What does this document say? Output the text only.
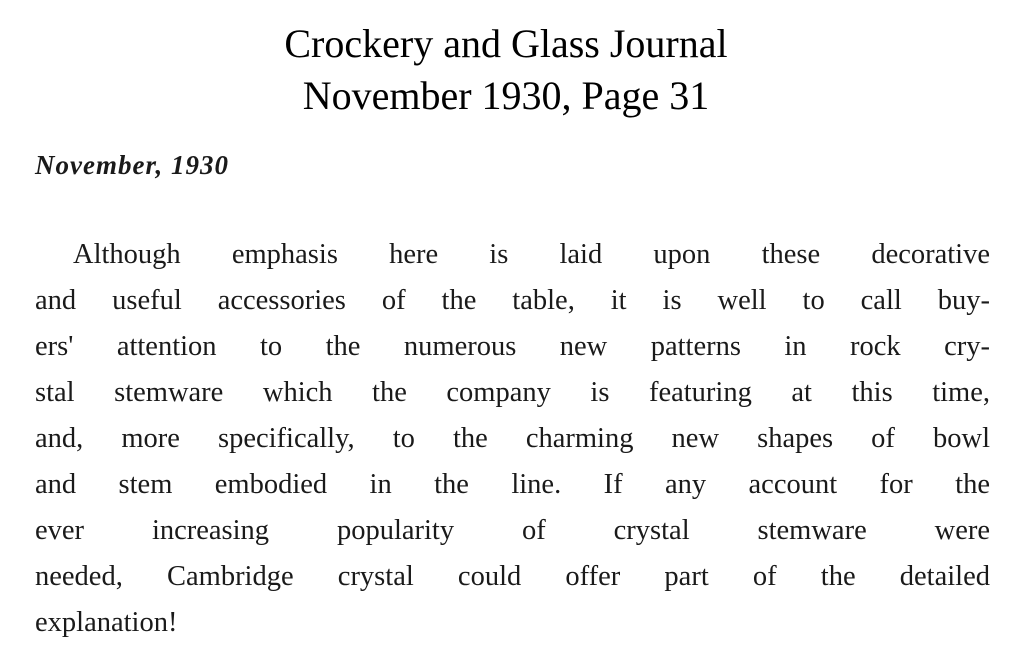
Crockery and Glass Journal
November 1930, Page 31
November, 1930
Although emphasis here is laid upon these decorative
and useful accessories of the table, it is well to call buy-
ers' attention to the numerous new patterns in rock cry-
stal stemware which the company is featuring at this time,
and, more specifically, to the charming new shapes of bowl
and stem embodied in the line. If any account for the
ever increasing popularity of crystal stemware were
needed, Cambridge crystal could offer part of the detailed
explanation!
